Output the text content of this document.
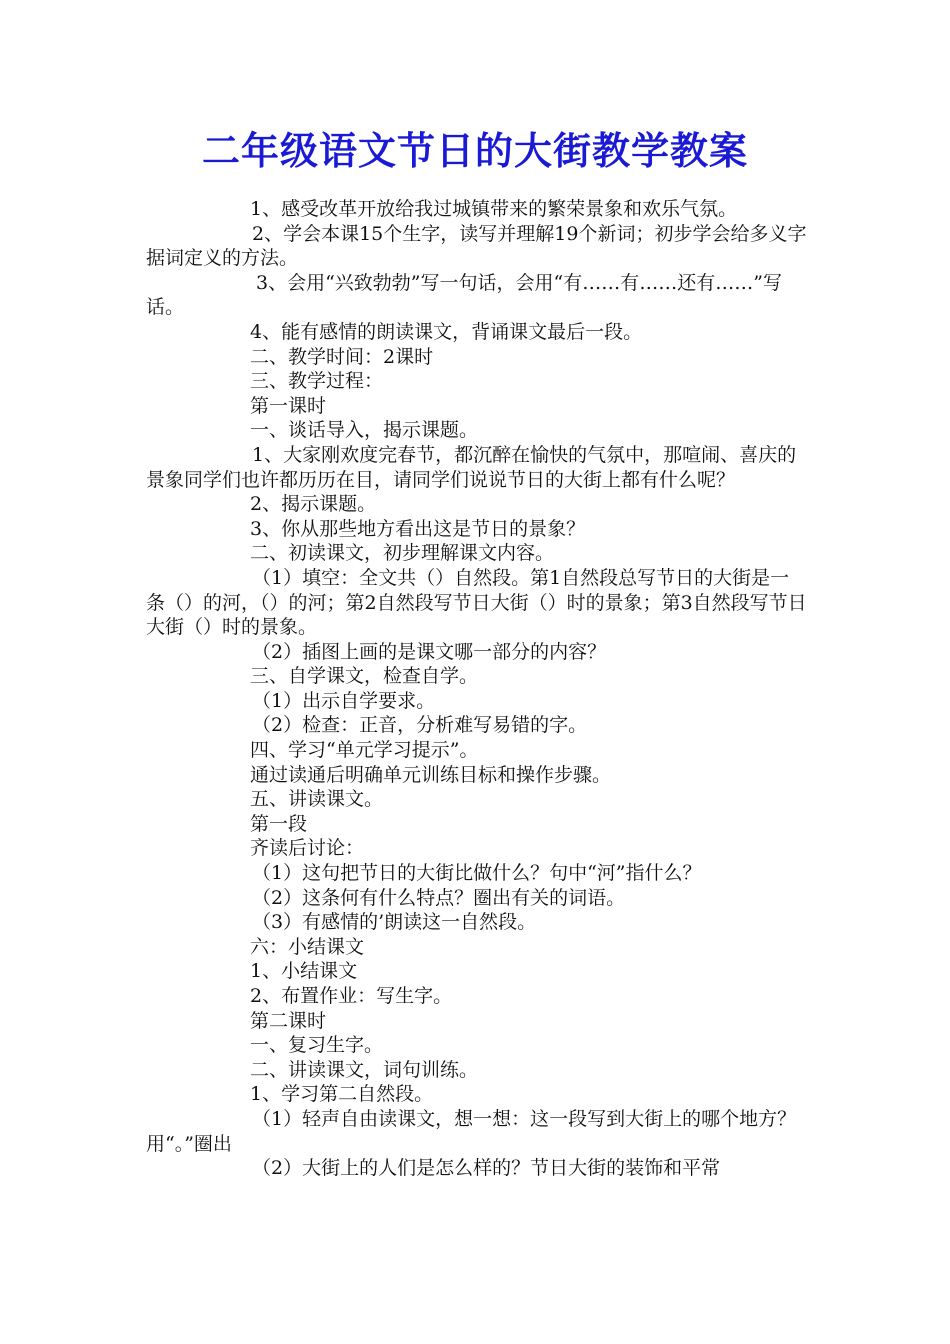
二年级语文节日的大街教学教案

1、感受改革开放给我过城镇带来的繁荣景象和欢乐气氛。

2、学会本课15个生字，读写并理解19个新词；初步学会给多义字据词定义的方法。

3、会用“兴致勃勃”写一句话，会用“有……有……还有……”写话。

4、能有感情的朗读课文，背诵课文最后一段。

二、教学时间：2课时

三、教学过程：

第一课时

一、谈话导入，揭示课题。

1、大家刚欢度完春节，都沉醉在愉快的气氛中，那喧闹、喜庆的景象同学们也许都历历在目，请同学们说说节日的大街上都有什么呢？

2、揭示课题。

3、你从那些地方看出这是节日的景象？

二、初读课文，初步理解课文内容。

（1）填空：全文共（）自然段。第1自然段总写节日的大街是一条（）的河，（）的河；第2自然段写节日大街（）时的景象；第3自然段写节日大街（）时的景象。

（2）插图上画的是课文哪一部分的内容？

三、自学课文，检查自学。

（1）出示自学要求。

（2）检查：正音，分析难写易错的字。

四、学习“单元学习提示”。

通过读通后明确单元训练目标和操作步骤。

五、讲读课文。

第一段

齐读后讨论：

（1）这句把节日的大街比做什么？句中“河”指什么？

（2）这条何有什么特点？圈出有关的词语。

（3）有感情的’朗读这一自然段。

六：小结课文

1、小结课文

2、布置作业：写生字。

第二课时

一、复习生字。

二、讲读课文，词句训练。

1、学习第二自然段。

（1）轻声自由读课文，想一想：这一段写到大街上的哪个地方？用“。”圈出

（2）大街上的人们是怎么样的？节日大街的装饰和平常
